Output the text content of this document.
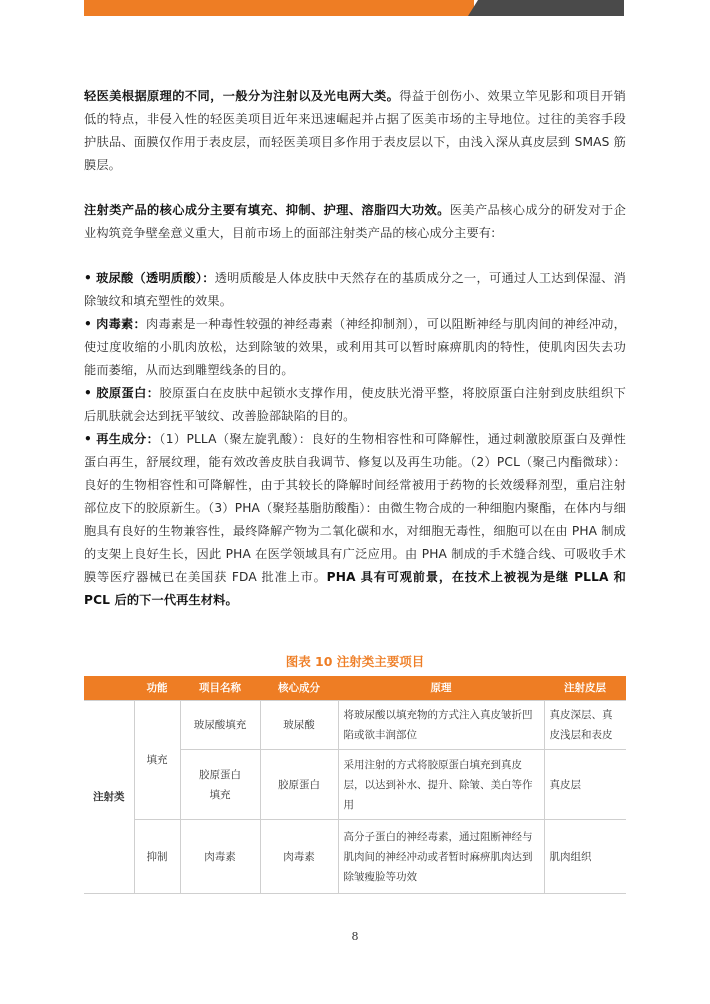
轻医美根据原理的不同，一般分为注射以及光电两大类。得益于创伤小、效果立竿见影和项目开销低的特点，非侵入性的轻医美项目近年来迅速崛起并占据了医美市场的主导地位。过往的美容手段护肤品、面膜仅作用于表皮层，而轻医美项目多作用于表皮层以下，由浅入深从真皮层到 SMAS 筋膜层。

注射类产品的核心成分主要有填充、抑制、护理、溶脂四大功效。医美产品核心成分的研发对于企业构筑竞争壁垒意义重大，目前市场上的面部注射类产品的核心成分主要有:

• 玻尿酸（透明质酸）：透明质酸是人体皮肤中天然存在的基质成分之一，可通过人工达到保湿、消除皱纹和填充塑性的效果。

• 肉毒素：肉毒素是一种毒性较强的神经毒素（神经抑制剂），可以阻断神经与肌肉间的神经冲动，使过度收缩的小肌肉放松，达到除皱的效果，或利用其可以暂时麻痹肌肉的特性，使肌肉因失去功能而萎缩，从而达到雕塑线条的目的。

• 胶原蛋白：胶原蛋白在皮肤中起锁水支撑作用，使皮肤光滑平整，将胶原蛋白注射到皮肤组织下后肌肤就会达到抚平皱纹、改善脸部缺陷的目的。

• 再生成分：（1）PLLA（聚左旋乳酸）：良好的生物相容性和可降解性，通过刺激胶原蛋白及弹性蛋白再生，舒展纹理，能有效改善皮肤自我调节、修复以及再生功能。（2）PCL（聚己内酯微球）：良好的生物相容性和可降解性，由于其较长的降解时间经常被用于药物的长效缓释剂型，重启注射部位皮下的胶原新生。（3）PHA（聚羟基脂肪酸酯）：由微生物合成的一种细胞内聚酯，在体内与细胞具有良好的生物兼容性，最终降解产物为二氧化碳和水，对细胞无毒性，细胞可以在由 PHA 制成的支架上良好生长，因此 PHA 在医学领域具有广泛应用。由 PHA 制成的手术缝合线、可吸收手术膜等医疗器械已在美国获 FDA 批准上市。PHA 具有可观前景，在技术上被视为是继 PLLA 和 PCL 后的下一代再生材料。

图表 10 注射类主要项目
	功能	项目名称	核心成分	原理	注射皮层
注射类	填充	玻尿酸填充	玻尿酸	将玻尿酸以填充物的方式注入真皮皱折凹陷或欲丰润部位	真皮深层、真皮浅层和表皮
		胶原蛋白填充	胶原蛋白	采用注射的方式将胶原蛋白填充到真皮层，以达到补水、提升、除皱、美白等作用	真皮层
	抑制	肉毒素	肉毒素	高分子蛋白的神经毒素，通过阻断神经与肌肉间的神经冲动或者暂时麻痹肌肉达到除皱瘦脸等功效	肌肉组织
8
